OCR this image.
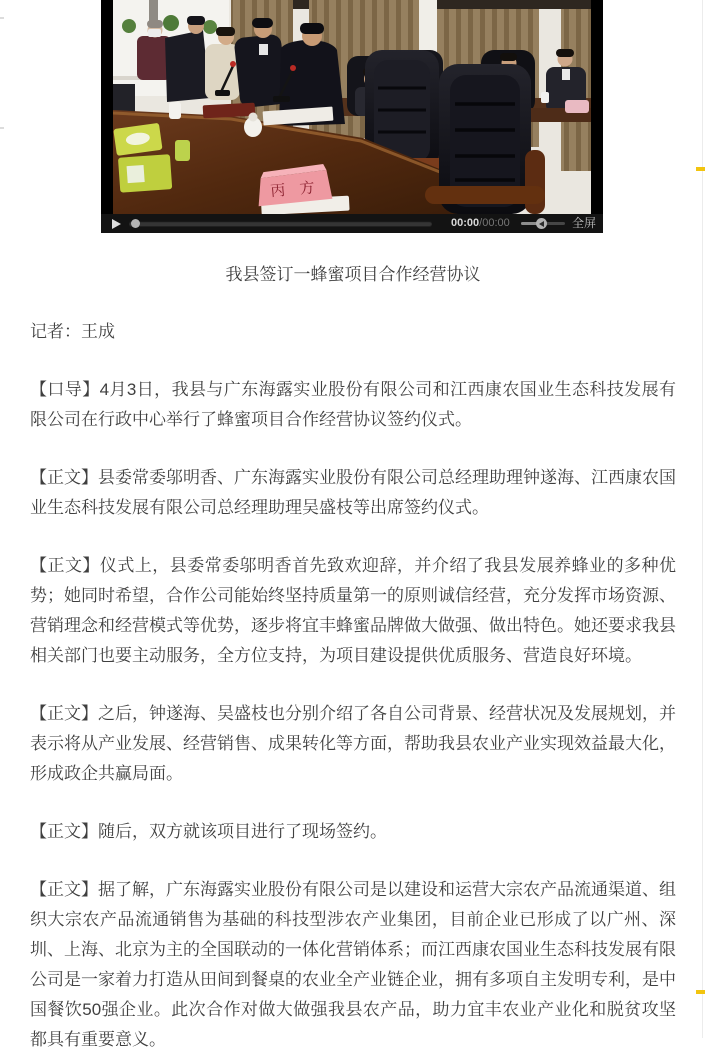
丙 方
00:00/00:00	全屏
我县签订一蜂蜜项目合作经营协议

记者：王成

【口导】4月3日，我县与广东海露实业股份有限公司和江西康农国业生态科技发展有限公司在行政中心举行了蜂蜜项目合作经营协议签约仪式。

【正文】县委常委邬明香、广东海露实业股份有限公司总经理助理钟遂海、江西康农国业生态科技发展有限公司总经理助理吴盛枝等出席签约仪式。

【正文】仪式上，县委常委邬明香首先致欢迎辞，并介绍了我县发展养蜂业的多种优势；她同时希望，合作公司能始终坚持质量第一的原则诚信经营，充分发挥市场资源、营销理念和经营模式等优势，逐步将宜丰蜂蜜品牌做大做强、做出特色。她还要求我县相关部门也要主动服务，全方位支持，为项目建设提供优质服务、营造良好环境。

【正文】之后，钟遂海、吴盛枝也分别介绍了各自公司背景、经营状况及发展规划，并表示将从产业发展、经营销售、成果转化等方面，帮助我县农业产业实现效益最大化，形成政企共赢局面。

【正文】随后，双方就该项目进行了现场签约。

【正文】据了解，广东海露实业股份有限公司是以建设和运营大宗农产品流通渠道、组织大宗农产品流通销售为基础的科技型涉农产业集团，目前企业已形成了以广州、深圳、上海、北京为主的全国联动的一体化营销体系；而江西康农国业生态科技发展有限公司是一家着力打造从田间到餐桌的农业全产业链企业，拥有多项自主发明专利，是中国餐饮50强企业。此次合作对做大做强我县农产品，助力宜丰农业产业化和脱贫攻坚都具有重要意义。
